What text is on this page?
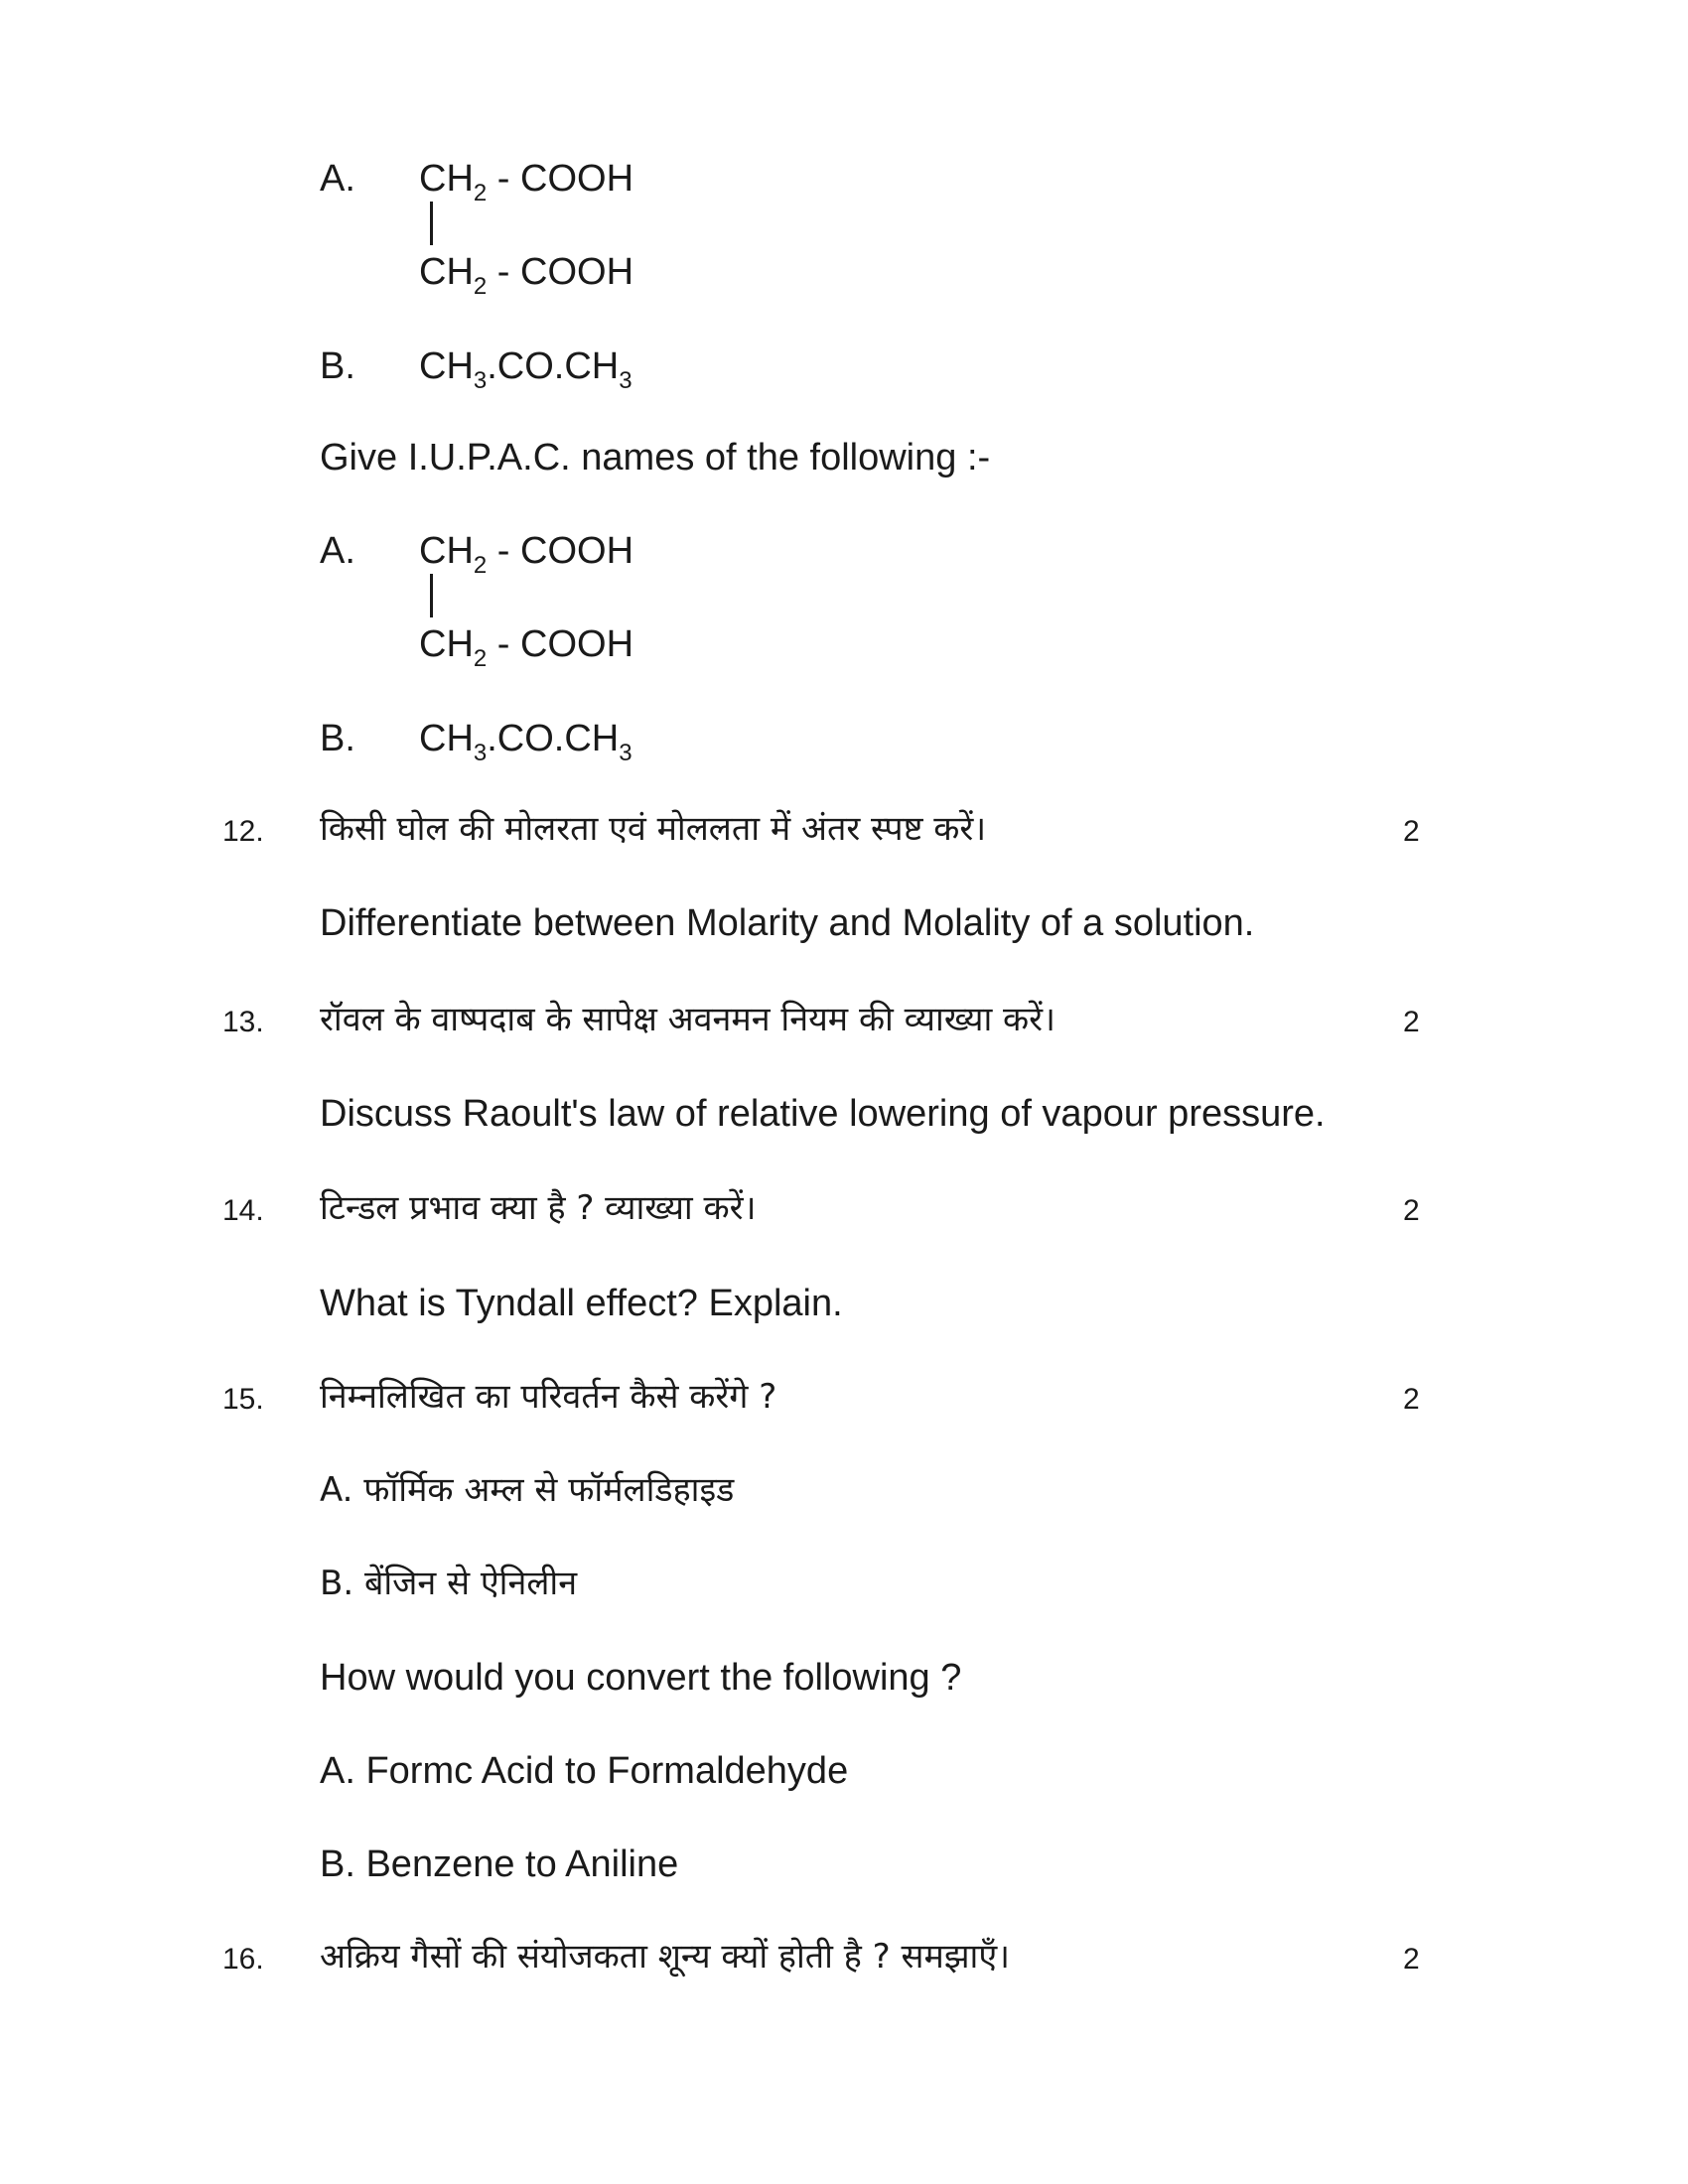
A. $CH_2$ - COOH
$CH_2$ - COOH
B. $CH_3.CO.CH_3$
Give I.U.P.A.C. names of the following :-
A. $CH_2$ - COOH
$CH_2$ - COOH
B. $CH_3.CO.CH_3$
12. किसी घोल की मोलरता एवं मोललता में अंतर स्पष्ट करें।	2
Differentiate between Molarity and Molality of a solution.
13. रॉवल के वाष्पदाब के सापेक्ष अवनमन नियम की व्याख्या करें।	2
Discuss Raoult's law of relative lowering of vapour pressure.
14. टिन्डल प्रभाव क्या है ? व्याख्या करें।	2
What is Tyndall effect? Explain.
15. निम्नलिखित का परिवर्तन कैसे करेंगे ?	2
A. फॉर्मिक अम्ल से फॉर्मलडिहाइड
B. बेंजिन से ऐनिलीन
How would you convert the following ?
A. Formc Acid to Formaldehyde
B. Benzene to Aniline
16. अक्रिय गैसों की संयोजकता शून्य क्यों होती है ? समझाएँ।	2
